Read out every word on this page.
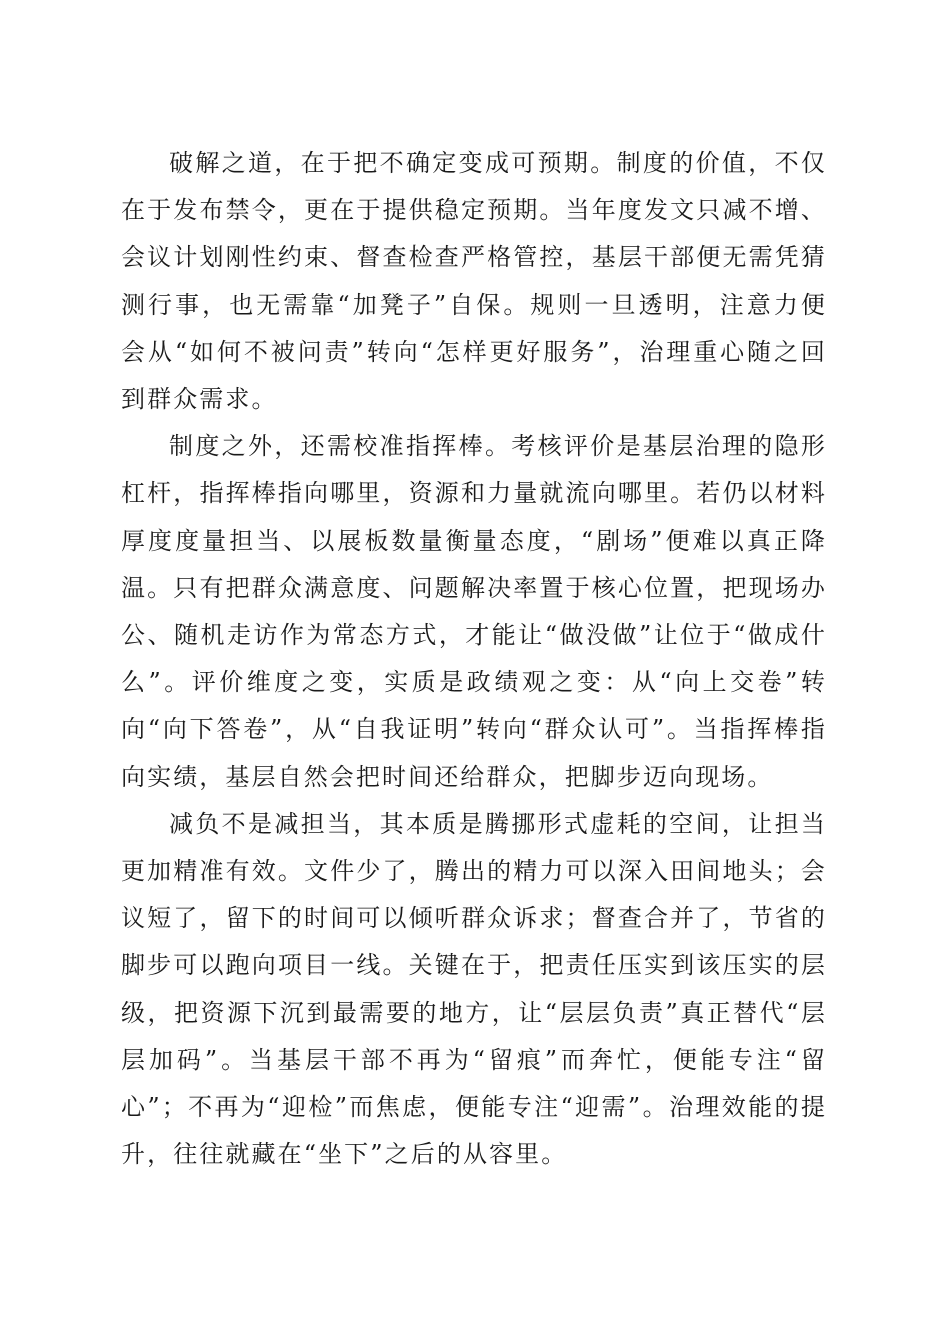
破解之道，在于把不确定变成可预期。制度的价值，不仅在于发布禁令，更在于提供稳定预期。当年度发文只减不增、会议计划刚性约束、督查检查严格管控，基层干部便无需凭猜测行事，也无需靠“加凳子”自保。规则一旦透明，注意力便会从“如何不被问责”转向“怎样更好服务”，治理重心随之回到群众需求。

制度之外，还需校准指挥棒。考核评价是基层治理的隐形杠杆，指挥棒指向哪里，资源和力量就流向哪里。若仍以材料厚度度量担当、以展板数量衡量态度，“剧场”便难以真正降温。只有把群众满意度、问题解决率置于核心位置，把现场办公、随机走访作为常态方式，才能让“做没做”让位于“做成什么”。评价维度之变，实质是政绩观之变：从“向上交卷”转向“向下答卷”，从“自我证明”转向“群众认可”。当指挥棒指向实绩，基层自然会把时间还给群众，把脚步迈向现场。

减负不是减担当，其本质是腾挪形式虚耗的空间，让担当更加精准有效。文件少了，腾出的精力可以深入田间地头；会议短了，留下的时间可以倾听群众诉求；督查合并了，节省的脚步可以跑向项目一线。关键在于，把责任压实到该压实的层级，把资源下沉到最需要的地方，让“层层负责”真正替代“层层加码”。当基层干部不再为“留痕”而奔忙，便能专注“留心”；不再为“迎检”而焦虑，便能专注“迎需”。治理效能的提升，往往就藏在“坐下”之后的从容里。
